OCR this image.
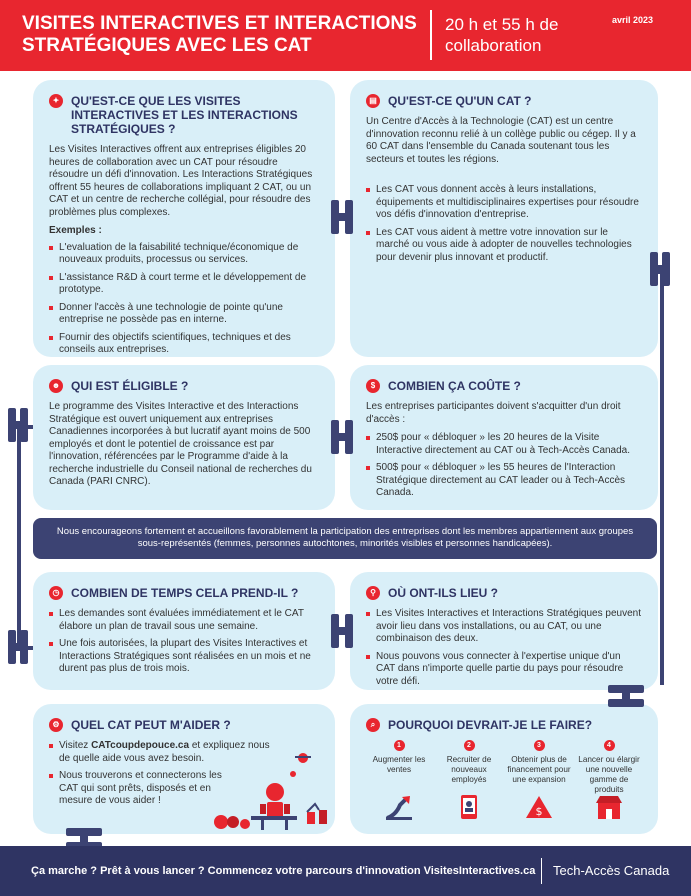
VISITES INTERACTIVES ET INTERACTIONS STRATÉGIQUES AVEC LES CAT
20 h et 55 h de collaboration
avril 2023
✦ QU'EST-CE QUE LES VISITES INTERACTIVES ET LES INTERACTIONS STRATÉGIQUES ?

Les Visites Interactives offrent aux entreprises éligibles 20 heures de collaboration avec un CAT pour résoudre résoudre un défi d'innovation. Les Interactions Stratégiques offrent 55 heures de collaborations impliquant 2 CAT, ou un CAT et un centre de recherche collégial, pour résoudre des problèmes plus complexes.

Exemples :
L'evaluation de la faisabilité technique/économique de nouveaux produits, processus ou services.
L'assistance R&D à court terme et le développement de prototype.
Donner l'accès à une technologie de pointe qu'une entreprise ne possède pas en interne.
Fournir des objectifs scientifiques, techniques et des conseils aux entreprises.
▤ QU'EST-CE QU'UN CAT ?

Un Centre d'Accès à la Technologie (CAT) est un centre d'innovation reconnu relié à un collège public ou cégep. Il y a 60 CAT dans l'ensemble du Canada soutenant tous les secteurs et toutes les régions.

Les CAT vous donnent accès à leurs installations, équipements et multidisciplinaires expertises pour résoudre vos défis d'innovation d'entreprise.
Les CAT vous aident à mettre votre innovation sur le marché ou vous aide à adopter de nouvelles technologies pour devenir plus innovant et productif.
☻ QUI EST ÉLIGIBLE ?

Le programme des Visites Interactive et des Interactions Stratégique est ouvert uniquement aux entreprises Canadiennes incorporées à but lucratif ayant moins de 500 employés et dont le potentiel de croissance est par l'innovation, référencées par le Programme d'aide à la recherche industrielle du Conseil national de recherches du Canada (PARI CNRC).

$	COMBIEN ÇA COÛTE ?

Les entreprises participantes doivent s'acquitter d'un droit d'accès :

250$ pour « débloquer » les 20 heures de la Visite Interactive directement au CAT ou à Tech-Accès Canada.
500$ pour « débloquer » les 55 heures de l'Interaction Stratégique directement au CAT leader ou à Tech-Accès Canada.
Nous encourageons fortement et accueillons favorablement la participation des entreprises dont les membres appartiennent aux groupes sous-représentés (femmes, personnes autochtones, minorités visibles et personnes handicapées).
◷ COMBIEN DE TEMPS CELA PREND-IL ?
Les demandes sont évaluées immédiatement et le CAT élabore un plan de travail sous une semaine.
Une fois autorisées, la plupart des Visites Interactives et Interactions Stratégiques sont réalisées en un mois et ne durent pas plus de trois mois.
⚲	OÙ ONT-ILS LIEU ?
Les Visites Interactives et Interactions Stratégiques peuvent avoir lieu dans vos installations, ou au CAT, ou une combinaison des deux.
Nous pouvons vous connecter à l'expertise unique d'un CAT dans n'importe quelle partie du pays pour résoudre votre défi.
⚙ QUEL CAT PEUT M'AIDER ?
Visitez CATcoupdepouce.ca et expliquez nous de quelle aide vous avez besoin.
Nous trouverons et connecterons les CAT qui sont prêts, disposés et en mesure de vous aider !
⌕	POURQUOI DEVRAIT-JE LE FAIRE?
1
Augmenter les ventes
2
Recruiter de nouveaux employés
3
Obtenir plus de financement pour une expansion
$
4
Lancer ou élargir une nouvelle gamme de produits
Ça marche ? Prêt à vous lancer ? Commencez votre parcours d'innovation VisitesInteractives.ca Tech-Accès Canada
